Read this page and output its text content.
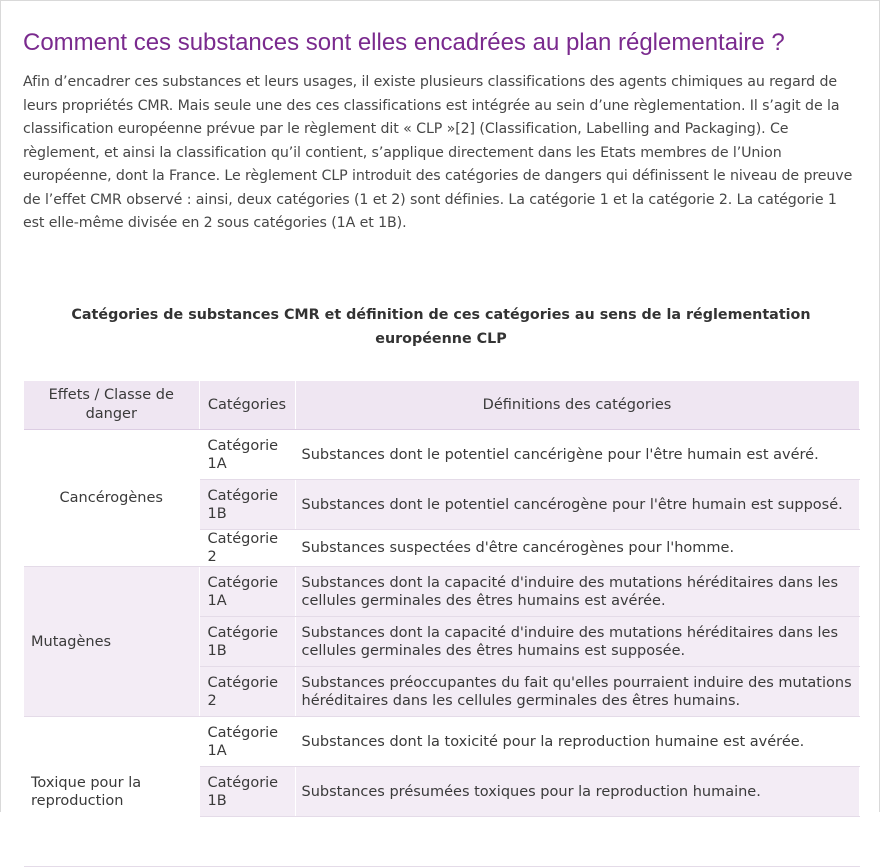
Comment ces substances sont elles encadrées au plan réglementaire ?

Afin d’encadrer ces substances et leurs usages, il existe plusieurs classifications des agents chimiques au regard de leurs propriétés CMR. Mais seule une des ces classifications est intégrée au sein d’une règlementation. Il s’agit de la classification européenne prévue par le règlement dit « CLP »[2] (Classification, Labelling and Packaging). Ce règlement, et ainsi la classification qu’il contient, s’applique directement dans les Etats membres de l’Union européenne, dont la France. Le règlement CLP introduit des catégories de dangers qui définissent le niveau de preuve de l’effet CMR observé : ainsi, deux catégories (1 et 2) sont définies. La catégorie 1 et la catégorie 2. La catégorie 1 est elle-même divisée en 2 sous catégories (1A et 1B).

Catégories de substances CMR et définition de ces catégories au sens de la réglementation européenne CLP

Effets / Classe de danger	Catégories	Définitions des catégories
Cancérogènes	Catégorie 1A	Substances dont le potentiel cancérigène pour l'être humain est avéré.
	Catégorie 1B	Substances dont le potentiel cancérogène pour l'être humain est supposé.
	Catégorie 2	Substances suspectées d'être cancérogènes pour l'homme.
Mutagènes	Catégorie 1A	Substances dont la capacité d'induire des mutations héréditaires dans les cellules germinales des êtres humains est avérée.
	Catégorie 1B	Substances dont la capacité d'induire des mutations héréditaires dans les cellules germinales des êtres humains est supposée.
	Catégorie 2	Substances préoccupantes du fait qu'elles pourraient induire des mutations héréditaires dans les cellules germinales des êtres humains.
Toxique pour la reproduction	Catégorie 1A	Substances dont la toxicité pour la reproduction humaine est avérée.
	Catégorie 1B	Substances présumées toxiques pour la reproduction humaine.
